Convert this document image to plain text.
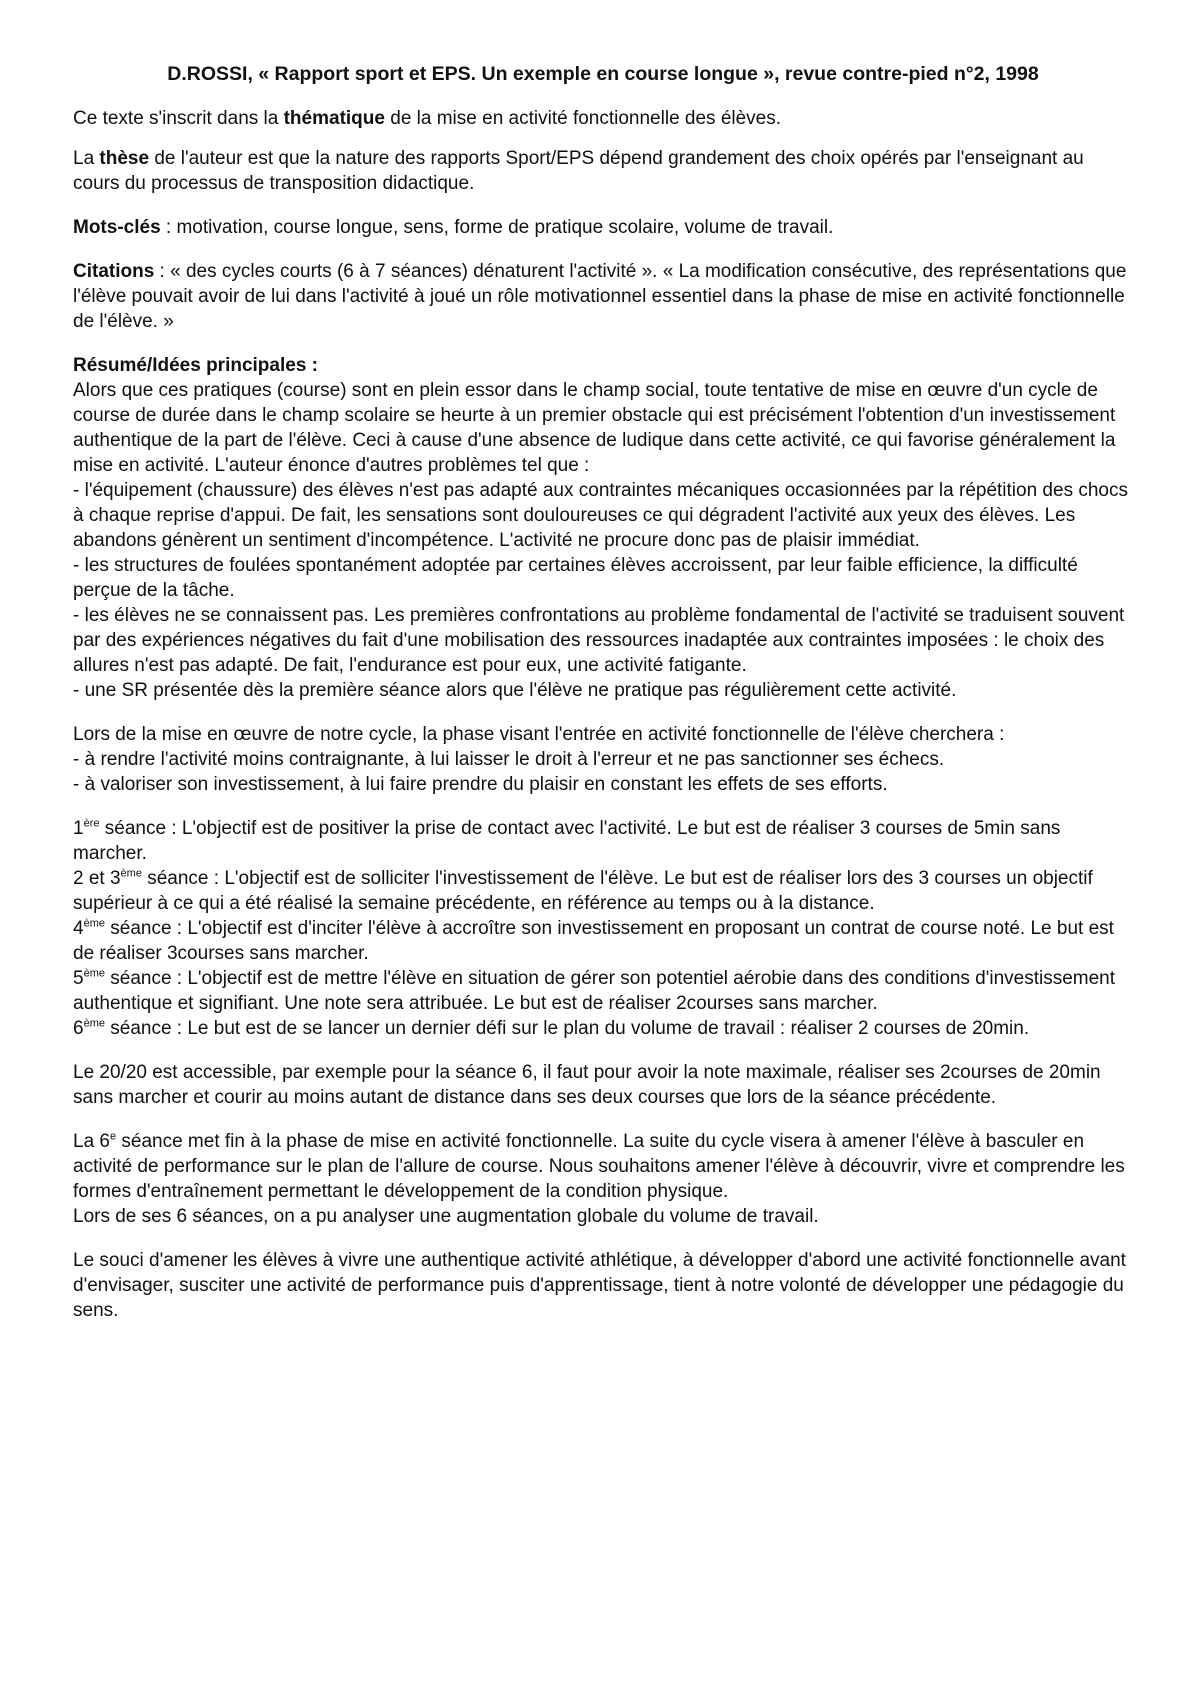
D.ROSSI, « Rapport sport et EPS. Un exemple en course longue », revue contre-pied n°2, 1998

Ce texte s'inscrit dans la thématique de la mise en activité fonctionnelle des élèves.

La thèse de l'auteur est que la nature des rapports Sport/EPS dépend grandement des choix opérés par l'enseignant au cours du processus de transposition didactique.

Mots-clés : motivation, course longue, sens, forme de pratique scolaire, volume de travail.

Citations : « des cycles courts (6 à 7 séances) dénaturent l'activité ». « La modification consécutive, des représentations que l'élève pouvait avoir de lui dans l'activité à joué un rôle motivationnel essentiel dans la phase de mise en activité fonctionnelle de l'élève. »

Résumé/Idées principales :

Alors que ces pratiques (course) sont en plein essor dans le champ social, toute tentative de mise en œuvre d'un cycle de course de durée dans le champ scolaire se heurte à un premier obstacle qui est précisément l'obtention d'un investissement authentique de la part de l'élève. Ceci à cause d'une absence de ludique dans cette activité, ce qui favorise généralement la mise en activité. L'auteur énonce d'autres problèmes tel que :

- l'équipement (chaussure) des élèves n'est pas adapté aux contraintes mécaniques occasionnées par la répétition des chocs à chaque reprise d'appui. De fait, les sensations sont douloureuses ce qui dégradent l'activité aux yeux des élèves. Les abandons génèrent un sentiment d'incompétence. L'activité ne procure donc pas de plaisir immédiat.

- les structures de foulées spontanément adoptée par certaines élèves accroissent, par leur faible efficience, la difficulté perçue de la tâche.

- les élèves ne se connaissent pas. Les premières confrontations au problème fondamental de l'activité se traduisent souvent par des expériences négatives du fait d'une mobilisation des ressources inadaptée aux contraintes imposées : le choix des allures n'est pas adapté. De fait, l'endurance est pour eux, une activité fatigante.

- une SR présentée dès la première séance alors que l'élève ne pratique pas régulièrement cette activité.

Lors de la mise en œuvre de notre cycle, la phase visant l'entrée en activité fonctionnelle de l'élève cherchera :

- à rendre l'activité moins contraignante, à lui laisser le droit à l'erreur et ne pas sanctionner ses échecs.

- à valoriser son investissement, à lui faire prendre du plaisir en constant les effets de ses efforts.

1ère séance : L'objectif est de positiver la prise de contact avec l'activité. Le but est de réaliser 3 courses de 5min sans marcher.

2 et 3ème séance : L'objectif est de solliciter l'investissement de l'élève. Le but est de réaliser lors des 3 courses un objectif supérieur à ce qui a été réalisé la semaine précédente, en référence au temps ou à la distance.

4ème séance : L'objectif est d'inciter l'élève à accroître son investissement en proposant un contrat de course noté. Le but est de réaliser 3courses sans marcher.

5ème séance : L'objectif est de mettre l'élève en situation de gérer son potentiel aérobie dans des conditions d'investissement authentique et signifiant. Une note sera attribuée. Le but est de réaliser 2courses sans marcher.

6ème séance : Le but est de se lancer un dernier défi sur le plan du volume de travail : réaliser 2 courses de 20min.

Le 20/20 est accessible, par exemple pour la séance 6, il faut pour avoir la note maximale, réaliser ses 2courses de 20min sans marcher et courir au moins autant de distance dans ses deux courses que lors de la séance précédente.

La 6e séance met fin à la phase de mise en activité fonctionnelle. La suite du cycle visera à amener l'élève à basculer en activité de performance sur le plan de l'allure de course. Nous souhaitons amener l'élève à découvrir, vivre et comprendre les formes d'entraînement permettant le développement de la condition physique.

Lors de ses 6 séances, on a pu analyser une augmentation globale du volume de travail.

Le souci d'amener les élèves à vivre une authentique activité athlétique, à développer d'abord une activité fonctionnelle avant d'envisager, susciter une activité de performance puis d'apprentissage, tient à notre volonté de développer une pédagogie du sens.
